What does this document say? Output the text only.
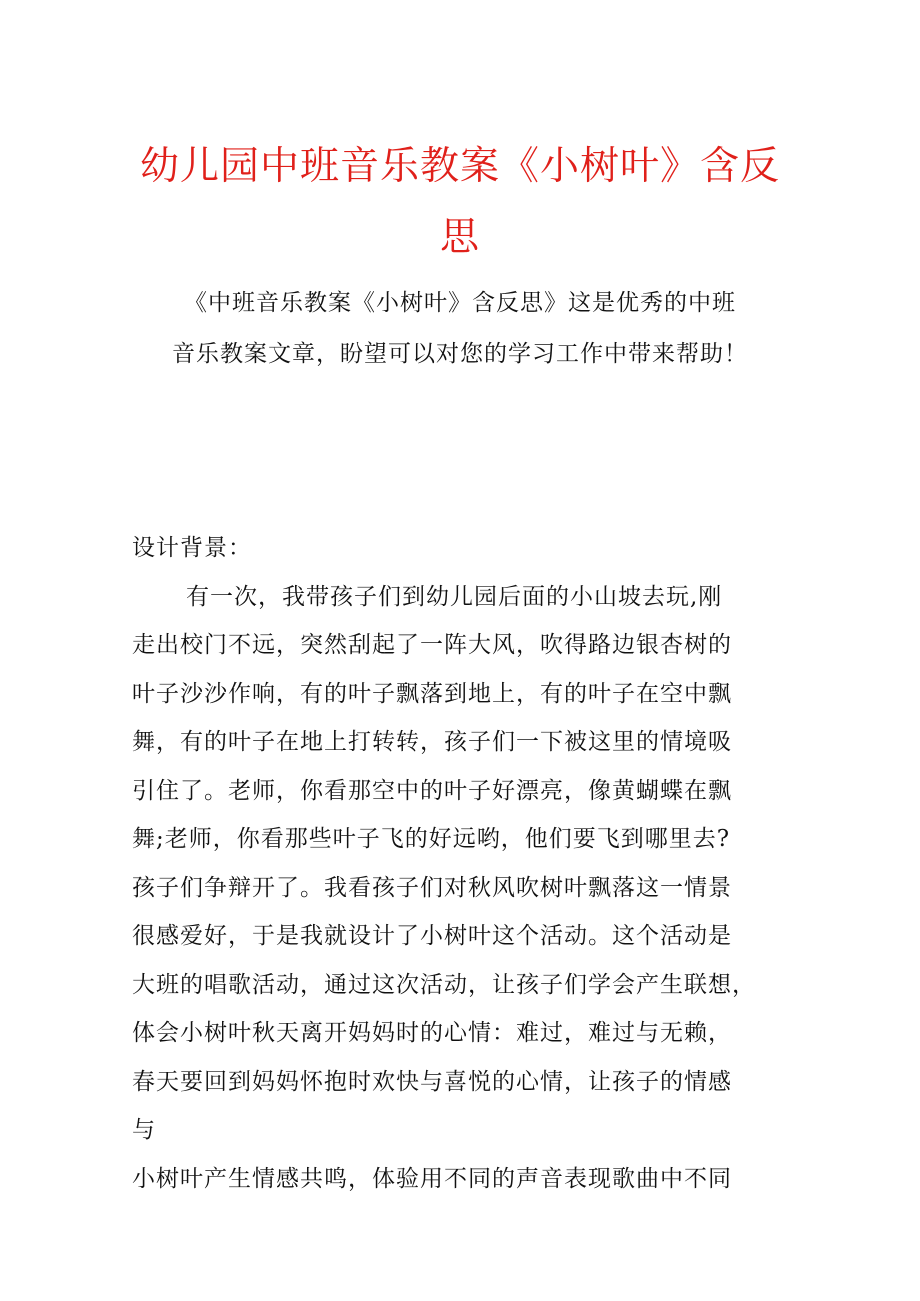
幼儿园中班音乐教案《小树叶》含反
思
《中班音乐教案《小树叶》含反思》这是优秀的中班
音乐教案文章，盼望可以对您的学习工作中带来帮助！
设计背景：
有一次，我带孩子们到幼儿园后面的小山坡去玩,刚
走出校门不远，突然刮起了一阵大风，吹得路边银杏树的
叶子沙沙作响，有的叶子飘落到地上，有的叶子在空中飘
舞，有的叶子在地上打转转，孩子们一下被这里的情境吸
引住了。老师，你看那空中的叶子好漂亮，像黄蝴蝶在飘
舞;老师，你看那些叶子飞的好远哟，他们要飞到哪里去?
孩子们争辩开了。我看孩子们对秋风吹树叶飘落这一情景
很感爱好，于是我就设计了小树叶这个活动。这个活动是
大班的唱歌活动，通过这次活动，让孩子们学会产生联想，
体会小树叶秋天离开妈妈时的心情：难过，难过与无赖，
春天要回到妈妈怀抱时欢快与喜悦的心情，让孩子的情感
与
小树叶产生情感共鸣，体验用不同的声音表现歌曲中不同
